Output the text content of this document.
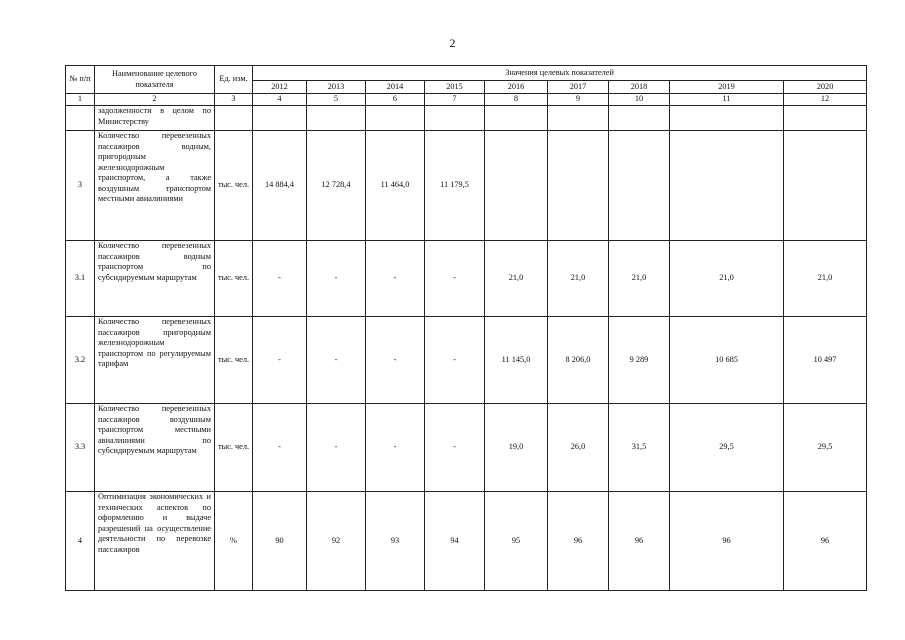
2
№ п/п	Наименование целевого показателя	Ед. изм.	Значения целевых показателей								
			2012	2013	2014	2015	2016	2017	2018	2019	2020
1	2	3	4	5	6	7	8	9	10	11	12
	задолженности в целом по Министерству										
3	Количество перевезенных пассажиров водным, пригородным железнодорожным транспортом, а также воздушным транспортом местными авиалиниями	тыс. чел.	14 884,4	12 728,4	11 464,0	11 179,5					
3.1	Количество перевезенных пассажиров водным транспортом по субсидируемым маршрутам	тыс. чел.	-	-	-	-	21,0	21,0	21,0	21,0	21,0
3.2	Количество перевезенных пассажиров пригородным железнодорожным транспортом по регулируемым тарифам	тыс. чел.	-	-	-	-	11 145,0	8 206,0	9 289	10 685	10 497
3.3	Количество перевезенных пассажиров воздушным транспортом местными авиалиниями по субсидируемым маршрутам	тыс. чел.	-	-	-	-	19,0	26,0	31,5	29,5	29,5
4	Оптимизация экономических и технических аспектов по оформлению и выдаче разрешений на осуществление деятельности по перевозке пассажиров	%	90	92	93	94	95	96	96	96	96
